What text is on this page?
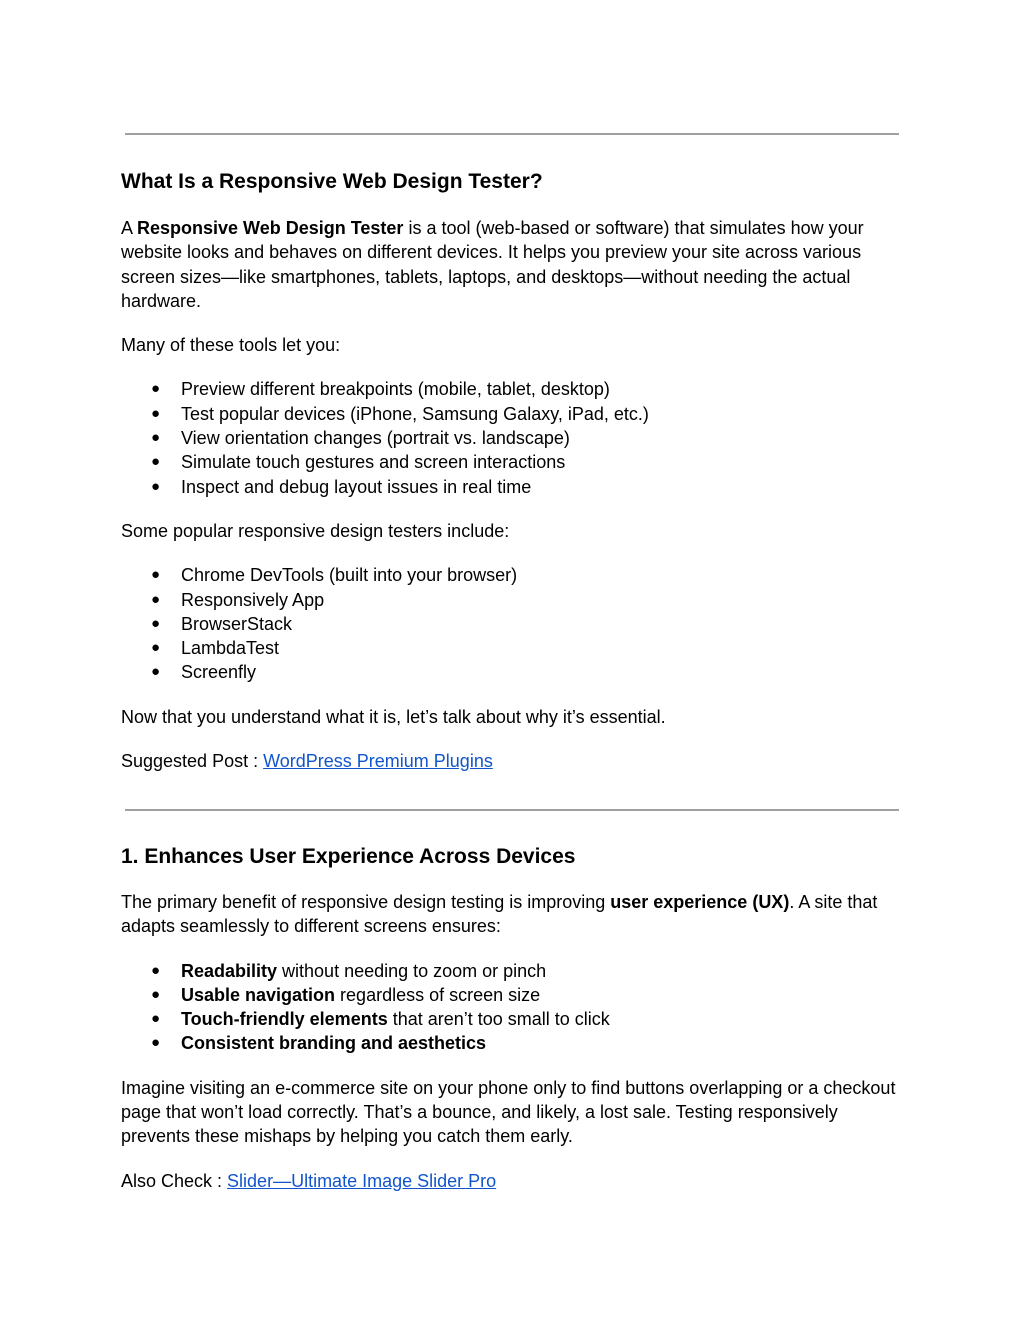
What Is a Responsive Web Design Tester?

A Responsive Web Design Tester is a tool (web-based or software) that simulates how your website looks and behaves on different devices. It helps you preview your site across various screen sizes—like smartphones, tablets, laptops, and desktops—without needing the actual hardware.

Many of these tools let you:

● Preview different breakpoints (mobile, tablet, desktop)
● Test popular devices (iPhone, Samsung Galaxy, iPad, etc.)
● View orientation changes (portrait vs. landscape)
● Simulate touch gestures and screen interactions
● Inspect and debug layout issues in real time

Some popular responsive design testers include:

● Chrome DevTools (built into your browser)
● Responsively App
● BrowserStack
● LambdaTest
● Screenfly

Now that you understand what it is, let’s talk about why it’s essential.

Suggested Post : WordPress Premium Plugins

1. Enhances User Experience Across Devices

The primary benefit of responsive design testing is improving user experience (UX). A site that adapts seamlessly to different screens ensures:

● Readability without needing to zoom or pinch
● Usable navigation regardless of screen size
● Touch-friendly elements that aren’t too small to click
● Consistent branding and aesthetics

Imagine visiting an e-commerce site on your phone only to find buttons overlapping or a checkout page that won’t load correctly. That’s a bounce, and likely, a lost sale. Testing responsively prevents these mishaps by helping you catch them early.

Also Check : Slider—Ultimate Image Slider Pro
